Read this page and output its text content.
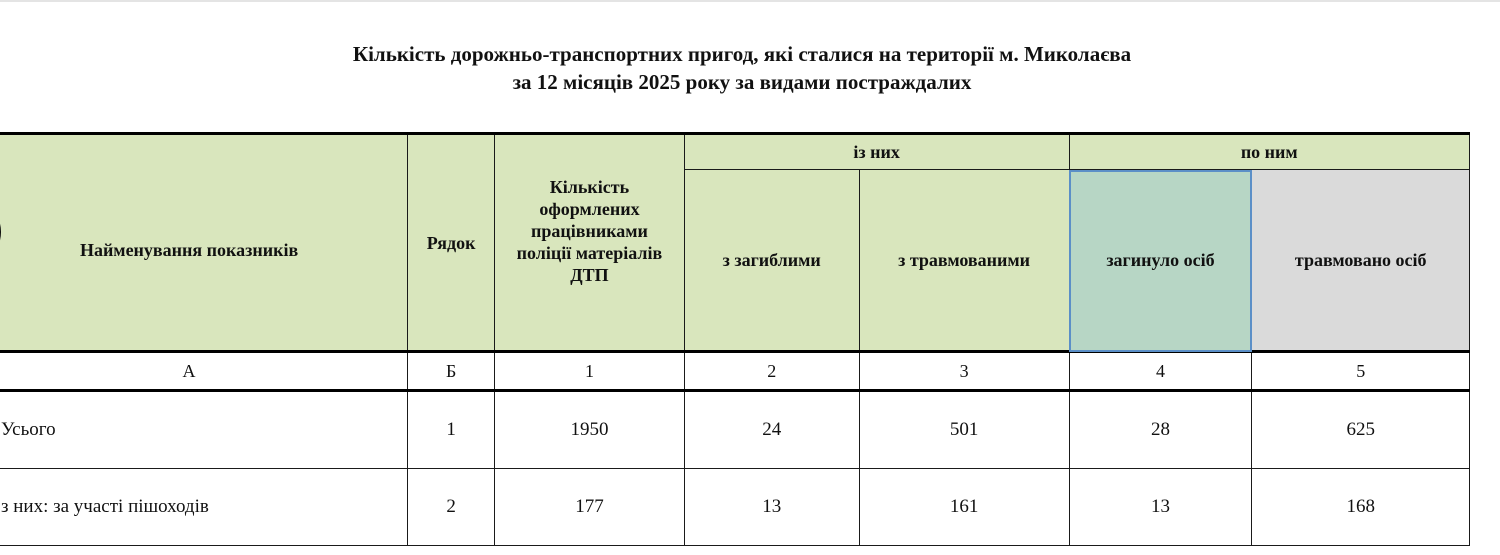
Кількість дорожньо-транспортних пригод, які сталися на території м. Миколаєва
за 12 місяців 2025 року за видами постраждалих
Найменування показників	Рядок	Кількість оформлених працівниками поліції матеріалів ДТП	із них		по ним	

			з загиблими	з травмованими	загинуло осіб	травмовано осіб

А	Б	1	2	3	4	5
Усього	1	1950	24	501	28	625
з них: за участі пішоходів	2	177	13	161	13	168
